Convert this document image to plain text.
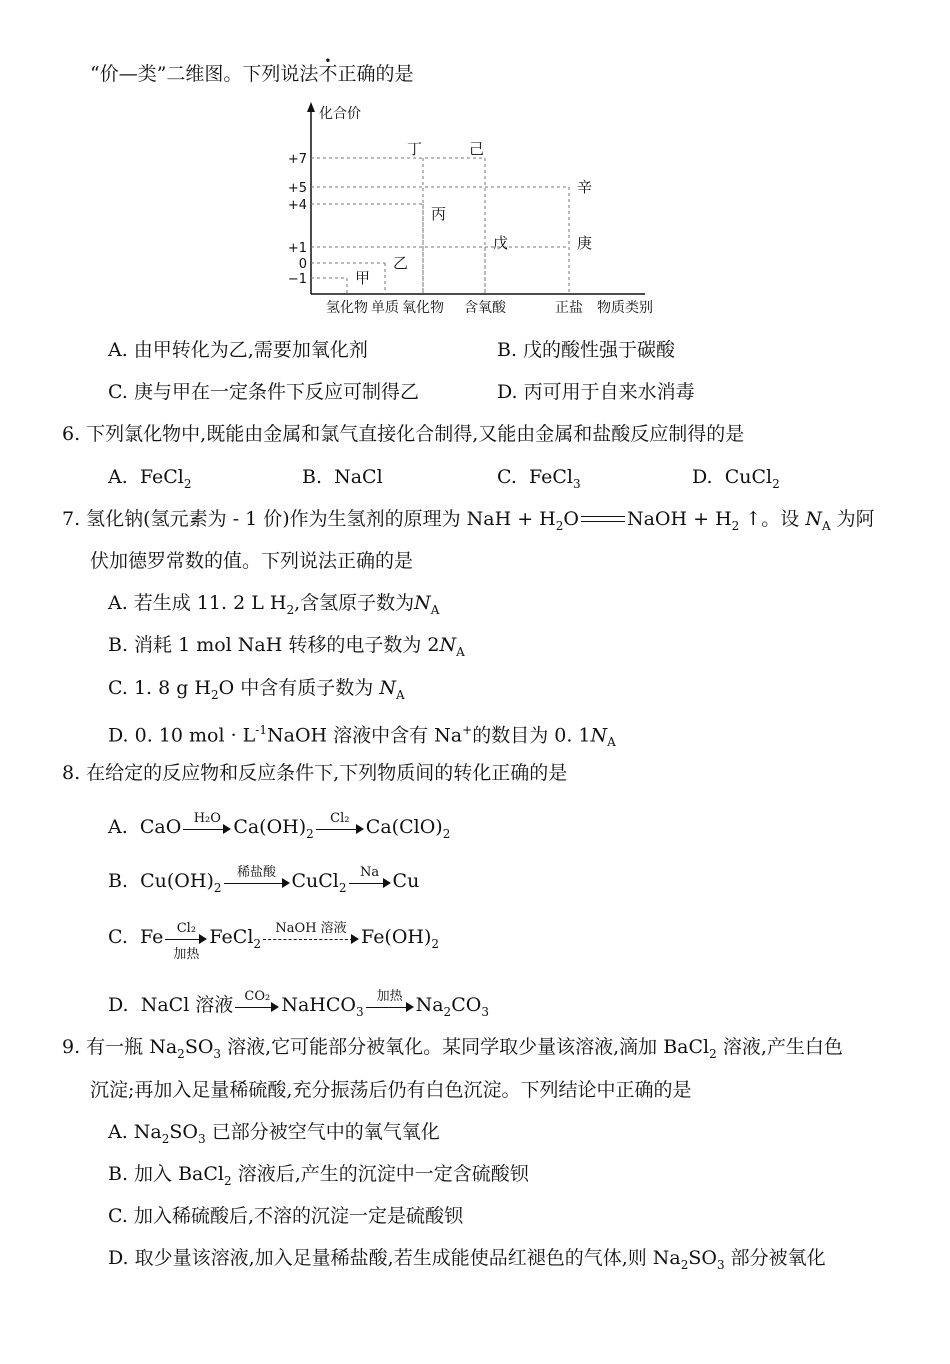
“价—类”二维图。下列说法不正确的是
化合价
+7
+5
+4
+1
0
−1	甲
乙
丙
丁
戊
己
庚
辛
氢化物 单质 氧化物 含氧酸	正盐 物质类别
A. 由甲转化为乙,需要加氧化剂	B. 戊的酸性强于碳酸
C. 庚与甲在一定条件下反应可制得乙	D. 丙可用于自来水消毒
6. 下列氯化物中,既能由金属和氯气直接化合制得,又能由金属和盐酸反应制得的是
A. FeCl$_2$	B. NaCl	C. FeCl$_3$	D. CuCl$_2$
7. 氢化钠(氢元素为 - 1 价)作为生氢剂的原理为 NaH + $H_2O$	NaOH + $H_2$ ↑。设 $N_A$ 为阿
伏加德罗常数的值。下列说法正确的是
A. 若生成 11. 2 L $H_2$,含氢原子数为$N_A$
B. 消耗 1 mol NaH 转移的电子数为 $2N_A$
C. 1. 8 g $H_2O$ 中含有质子数为 $N_A$
D. 0. 10 mol · $L^{-1}NaOH$ 溶液中含有 Na+的数目为 0. $1N_A$
8. 在给定的反应物和反应条件下,下列物质间的转化正确的是
A. CaO H₂O $Ca(OH)_2$
Cl₂ $Ca(ClO)_2$
B. $Cu(OH)_2$
稀盐酸 CuCl$_2$
Na Cu
C. Fe	Cl₂
加热
FeCl$_2$
NaOH 溶液 $Fe(OH)_2$
D. NaCl 溶液 CO₂ NaHCO$_3$
加热 $Na_2CO_3$
9. 有一瓶 $Na_2SO_3$ 溶液,它可能部分被氧化。某同学取少量该溶液,滴加 BaCl$_2$ 溶液,产生白色
沉淀;再加入足量稀硫酸,充分振荡后仍有白色沉淀。下列结论中正确的是
A. $Na_2SO_3$ 已部分被空气中的氧气氧化
B. 加入 BaCl$_2$ 溶液后,产生的沉淀中一定含硫酸钡
C. 加入稀硫酸后,不溶的沉淀一定是硫酸钡
D. 取少量该溶液,加入足量稀盐酸,若生成能使品红褪色的气体,则 $Na_2SO_3$ 部分被氧化
